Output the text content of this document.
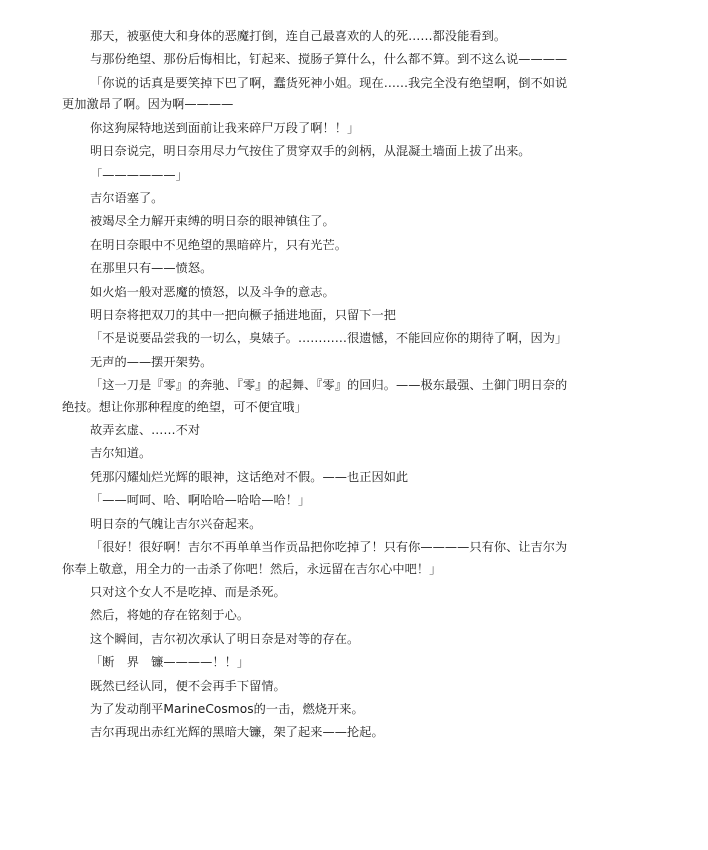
那天，被驱使大和身体的恶魔打倒，连自己最喜欢的人的死……都没能看到。

与那份绝望、那份后悔相比，钉起来、搅肠子算什么，什么都不算。到不这么说————

「你说的话真是要笑掉下巴了啊，蠢货死神小姐。现在……我完全没有绝望啊，倒不如说更加激昂了啊。因为啊————

你这狗屎特地送到面前让我来碎尸万段了啊！！」

明日奈说完，明日奈用尽力气按住了贯穿双手的剑柄，从混凝土墙面上拔了出来。

「——————」

吉尔语塞了。

被竭尽全力解开束缚的明日奈的眼神镇住了。

在明日奈眼中不见绝望的黑暗碎片，只有光芒。

在那里只有——愤怒。

如火焰一般对恶魔的愤怒，以及斗争的意志。

明日奈将把双刀的其中一把向橛子插进地面，只留下一把

「不是说要品尝我的一切么，臭婊子。…………很遗憾，不能回应你的期待了啊，因为」

无声的——摆开架势。

「这一刀是『零』的奔驰、『零』的起舞、『零』的回归。——极东最强、土御门明日奈的绝技。想让你那种程度的绝望，可不便宜哦」

故弄玄虚、……不对

吉尔知道。

凭那闪耀灿烂光辉的眼神，这话绝对不假。——也正因如此

「——呵呵、哈、啊哈哈—哈哈—哈！」

明日奈的气魄让吉尔兴奋起来。

「很好！很好啊！吉尔不再单单当作贡品把你吃掉了！只有你————只有你、让吉尔为你奉上敬意，用全力的一击杀了你吧！然后，永远留在吉尔心中吧！」

只对这个女人不是吃掉、而是杀死。

然后，将她的存在铭刻于心。

这个瞬间，吉尔初次承认了明日奈是对等的存在。

「断　界　镰————！！」

既然已经认同，便不会再手下留情。

为了发动削平MarineCosmos的一击，燃烧开来。

吉尔再现出赤红光辉的黑暗大镰，架了起来——抡起。
